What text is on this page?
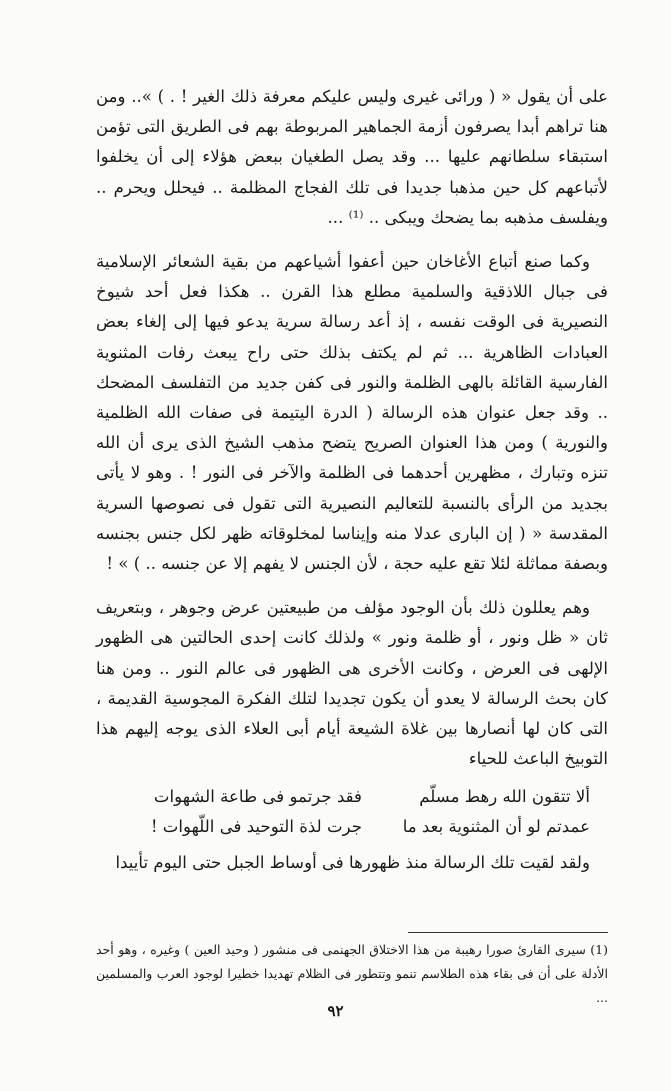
على أن يقول « ( ورائى غيرى وليس عليكم معرفة ذلك الغير ! . ) »‎.. ومن هنا تراهم أبدا يصرفون أزمة الجماهير المربوطة بهم فى الطريق التى تؤمن استبقاء سلطانهم عليها ... وقد يصل الطغيان ببعض هؤلاء إلى أن يخلفوا لأتباعهم كل حين مذهبا جديدا فى تلك الفجاج المظلمة .. فيحلل ويحرم .. ويفلسف مذهبه بما يضحك ويبكى .. ⁽¹⁾ ...

وكما صنع أتباع الأغاخان حين أعفوا أشياعهم من بقية الشعائر الإسلامية فى جبال اللاذقية والسلمية مطلع هذا القرن .. هكذا فعل أحد شيوخ النصيرية فى الوقت نفسه ، إذ أعد رسالة سرية يدعو فيها إلى إلغاء بعض العبادات الظاهرية ... ثم لم يكتف بذلك حتى راح يبعث رفات المثنوية الفارسية القائلة بالهى الظلمة والنور فى كفن جديد من التفلسف المضحك .. وقد جعل عنوان هذه الرسالة ( الدرة اليتيمة فى صفات الله الظلمية والنورية ) ومن هذا العنوان الصريح يتضح مذهب الشيخ الذى يرى أن الله تنزه وتبارك ، مظهرين أحدهما فى الظلمة والآخر فى النور ! . وهو لا يأتى بجديد من الرأى بالنسبة للتعاليم النصيرية التى تقول فى نصوصها السرية المقدسة « ( إن البارى عدلا منه وإيناسا لمخلوقاته ظهر لكل جنس بجنسه وبصفة مماثلة لئلا تقع عليه حجة ، لأن الجنس لا يفهم إلا عن جنسه .. ) » !

وهم يعللون ذلك بأن الوجود مؤلف من طبيعتين عرض وجوهر ، وبتعريف ثان « ظل ونور ، أو ظلمة ونور » ولذلك كانت إحدى الحالتين هى الظهور الإلهى فى العرض ، وكانت الأخرى هى الظهور فى عالم النور .. ومن هنا كان بحث الرسالة لا يعدو أن يكون تجديدا لتلك الفكرة المجوسية القديمة ، التى كان لها أنصارها بين غلاة الشيعة أيام أبى العلاء الذى يوجه إليهم هذا التوبيخ الباعث للحياء

ألا تتقون الله رهط مسلّم
فقد جرتمو فى طاعة الشهوات
عمدتم لو أن المثنوية بعد ما
جرت لذة التوحيد فى اللّهوات !

ولقد لقيت تلك الرسالة منذ ظهورها فى أوساط الجبل حتى اليوم تأييدا

(1) سيرى القارئ صورا رهيبة من هذا الاختلاق الجهنمى فى منشور ( وحيد العين ) وغيره ، وهو أحد الأدلة على أن فى بقاء هذه الطلاسم تنمو وتتطور فى الظلام تهديدا خطيرا لوجود العرب والمسلمين ...
٩٢
